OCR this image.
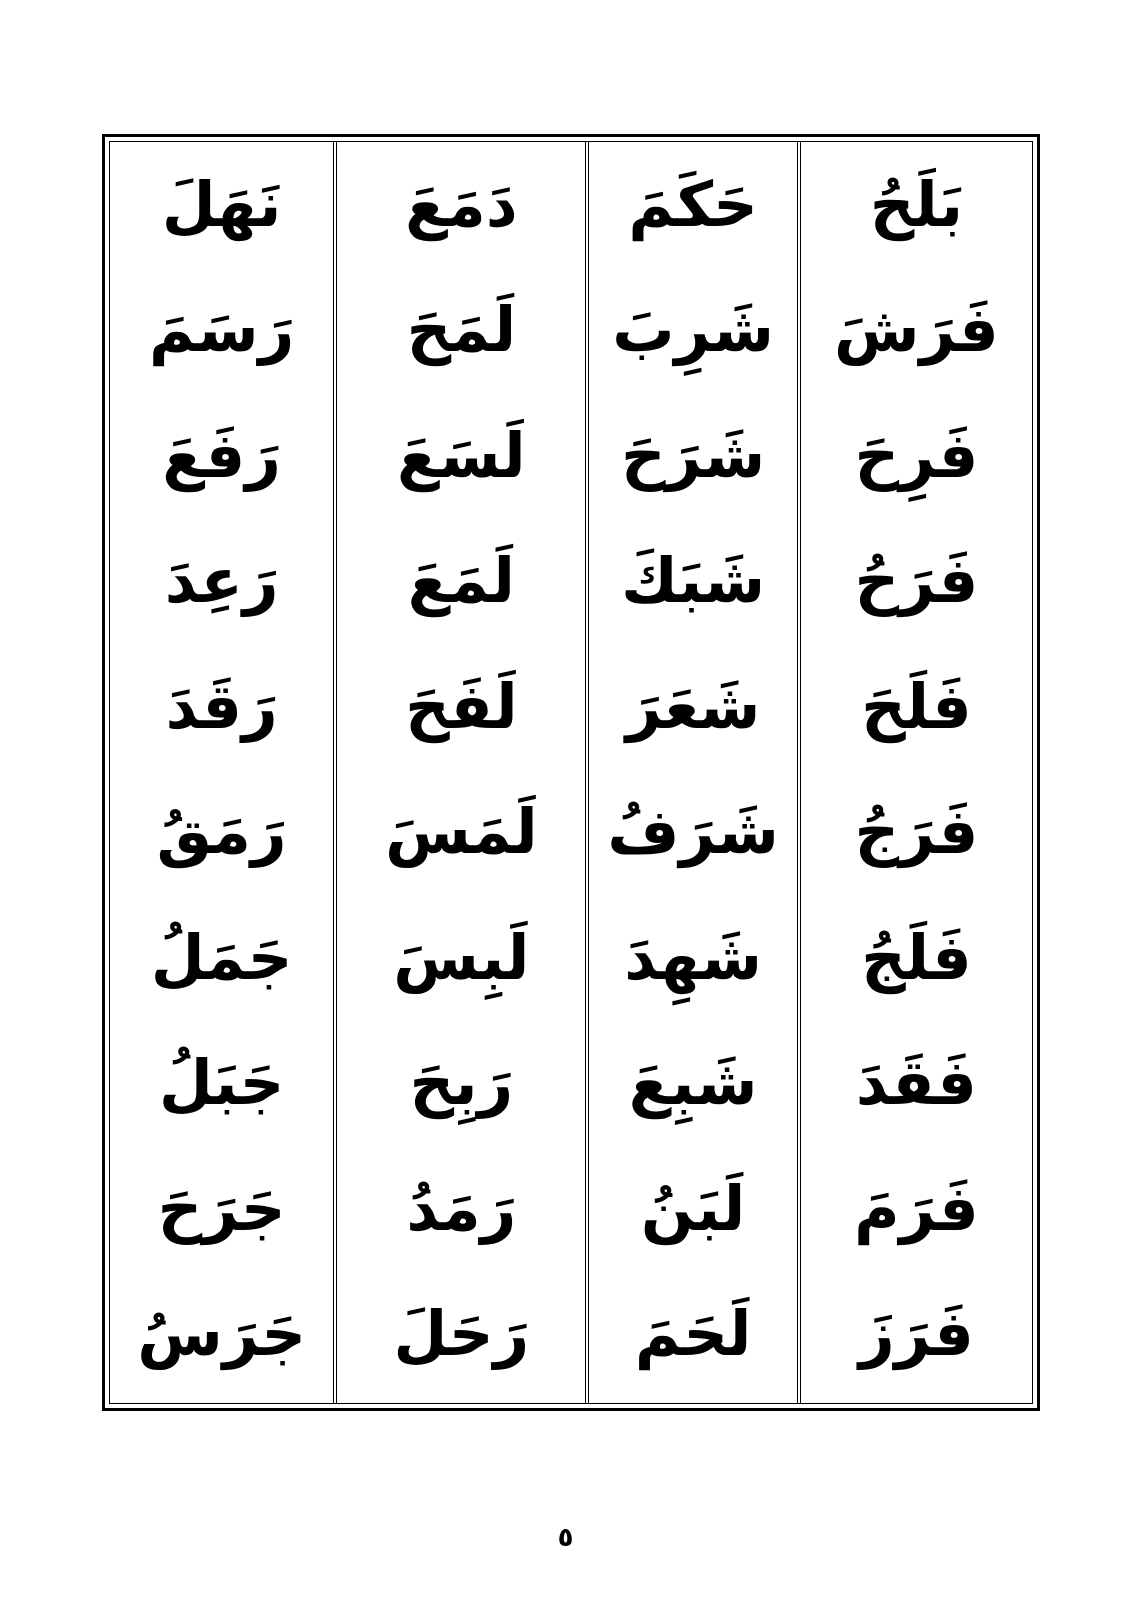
بَلَحُ
فَرَشَ
فَرِحَ
فَرَحُ
فَلَحَ
فَرَجُ
فَلَجُ
فَقَدَ
فَرَمَ
فَرَزَ
حَكَمَ
شَرِبَ
شَرَحَ
شَبَكَ
شَعَرَ
شَرَفُ
شَهِدَ
شَبِعَ
لَبَنُ
لَحَمَ
دَمَعَ
لَمَحَ
لَسَعَ
لَمَعَ
لَفَحَ
لَمَسَ
لَبِسَ
رَبِحَ
رَمَدُ
رَحَلَ
نَهَلَ
رَسَمَ
رَفَعَ
رَعِدَ
رَقَدَ
رَمَقُ
جَمَلُ
جَبَلُ
جَرَحَ
جَرَسُ
٥
